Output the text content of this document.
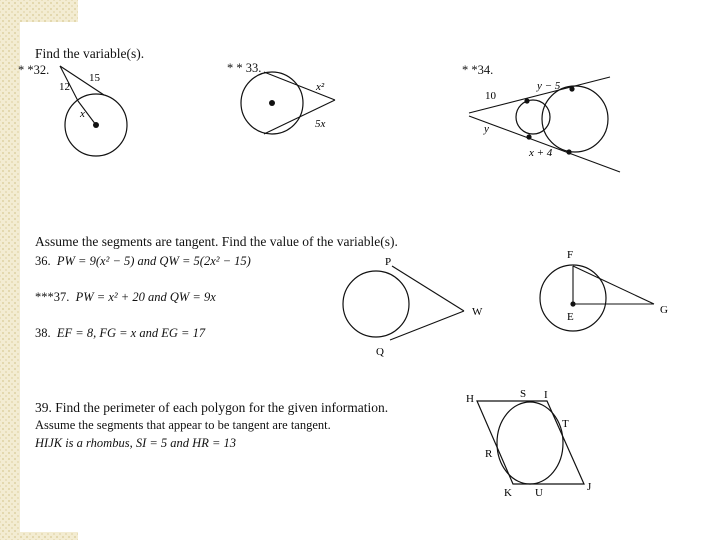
Find the variable(s).
* *32.	* * 33.	* *34.
12
15
x
x²
5x
10
y − 5
y
x + 4
Assume the segments are tangent. Find the value of the variable(s).
36. PW = 9(x² − 5) and QW = 5(2x² − 15)
***37. PW = x² + 20 and QW = 9x
38. EF = 8, FG = x and EG = 17
P
Q
W
F
E
G
39. Find the perimeter of each polygon for the given information.
Assume the segments that appear to be tangent are tangent.
HIJK is a rhombus, SI = 5 and HR = 13
H	S I
T
R
K U	J
